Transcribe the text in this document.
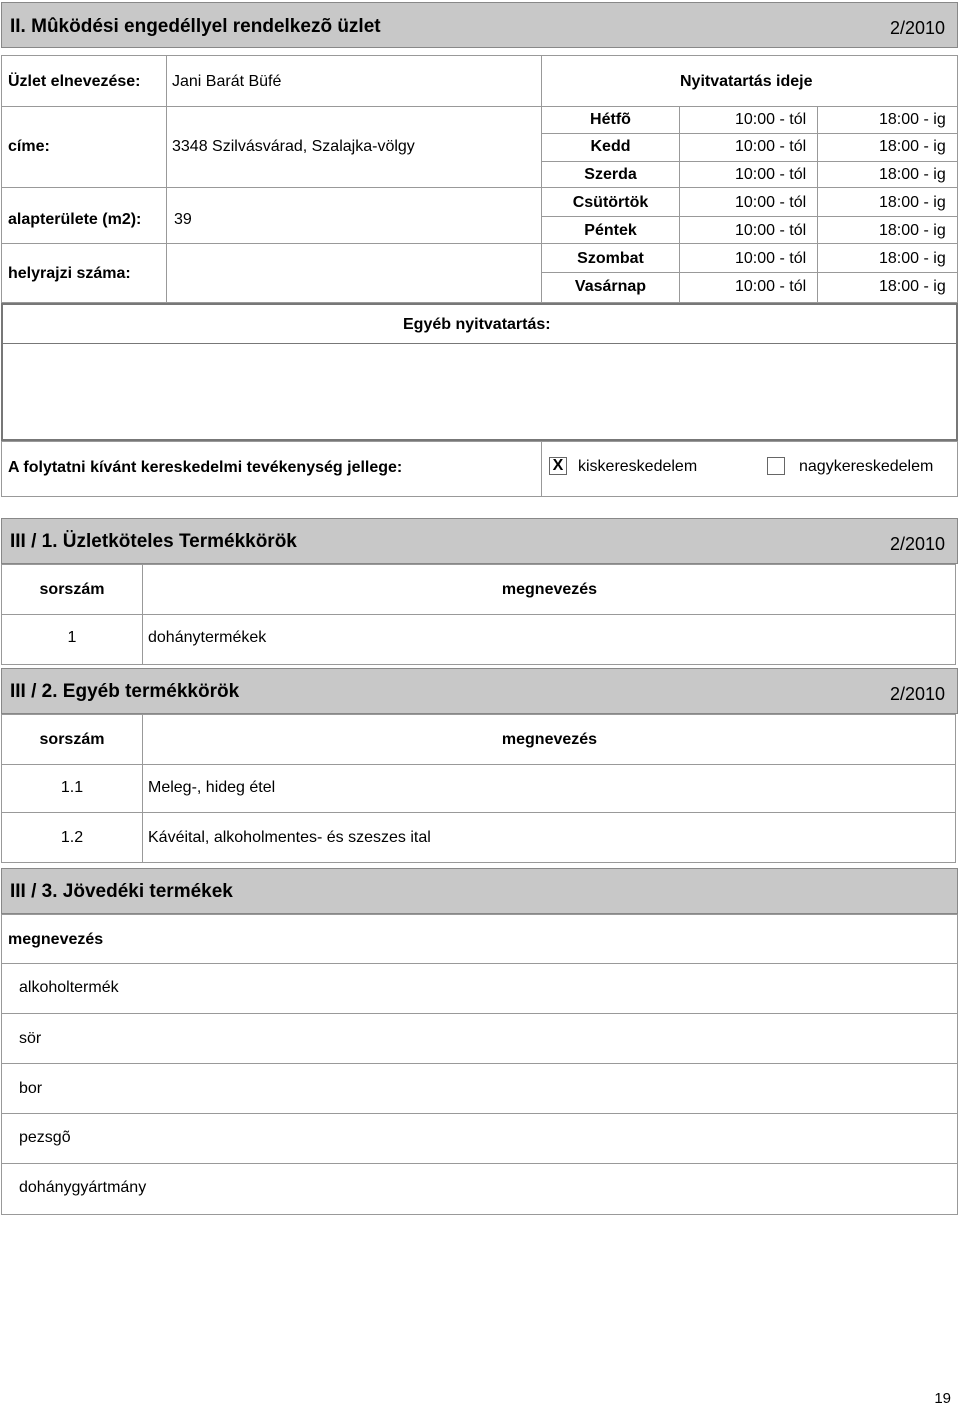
II. Mûködési engedéllyel rendelkezõ üzlet	2/2010
Üzlet elnevezése: Jani Barát Büfé	Nyitvatartás ideje
címe:	3348 Szilvásvárad, Szalajka-völgy
alapterülete (m2): 39
helyrajzi száma:
Hétfõ	10:00 - tól	18:00 - ig
Kedd	10:00 - tól	18:00 - ig
Szerda	10:00 - tól	18:00 - ig
Csütörtök	10:00 - tól	18:00 - ig
Péntek	10:00 - tól	18:00 - ig
Szombat	10:00 - tól	18:00 - ig
Vasárnap	10:00 - tól	18:00 - ig
Egyéb nyitvatartás:
A folytatni kívánt kereskedelmi tevékenység jellege:	X kiskereskedelem	nagykereskedelem
III / 1. Üzletköteles Termékkörök	2/2010
sorszám	megnevezés
1	dohánytermékek
III / 2. Egyéb termékkörök	2/2010
sorszám	megnevezés
1.1	Meleg-, hideg étel
1.2	Kávéital, alkoholmentes- és szeszes ital
III / 3. Jövedéki termékek
megnevezés
alkoholtermék
sör
bor
pezsgõ
dohánygyártmány
19
